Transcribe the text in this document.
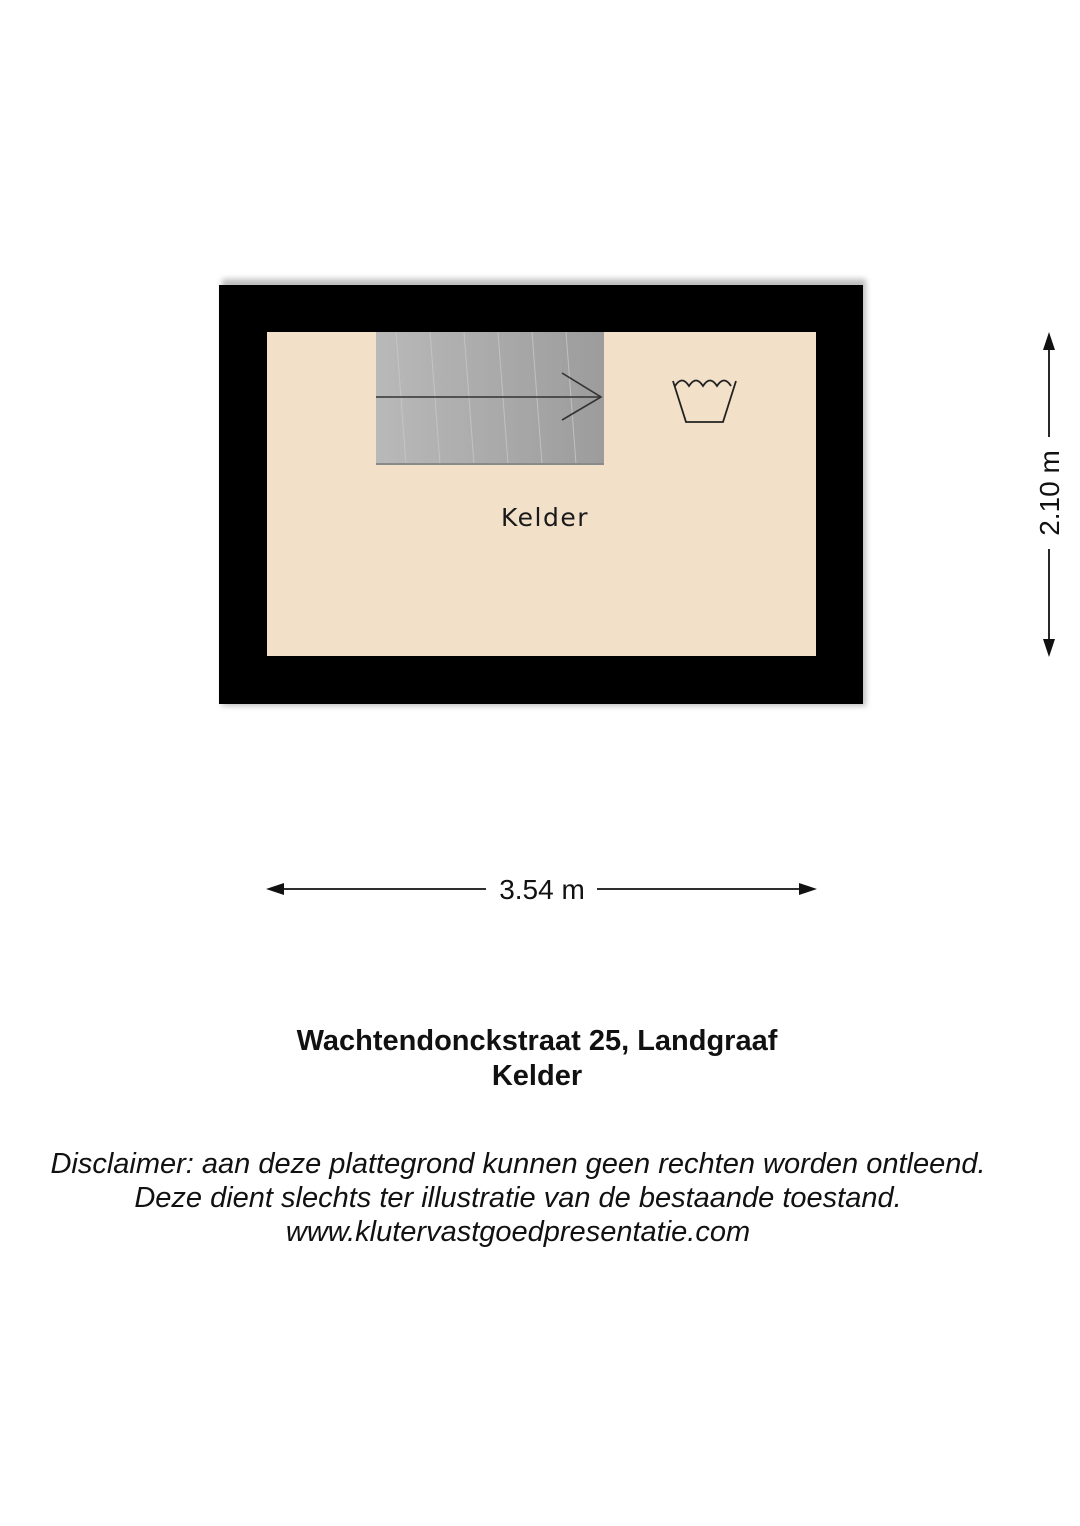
Kelder
3.54 m
2.10 m
Wachtendonckstraat 25, Landgraaf
Kelder
Disclaimer: aan deze plattegrond kunnen geen rechten worden ontleend.
Deze dient slechts ter illustratie van de bestaande toestand.
www.klutervastgoedpresentatie.com
